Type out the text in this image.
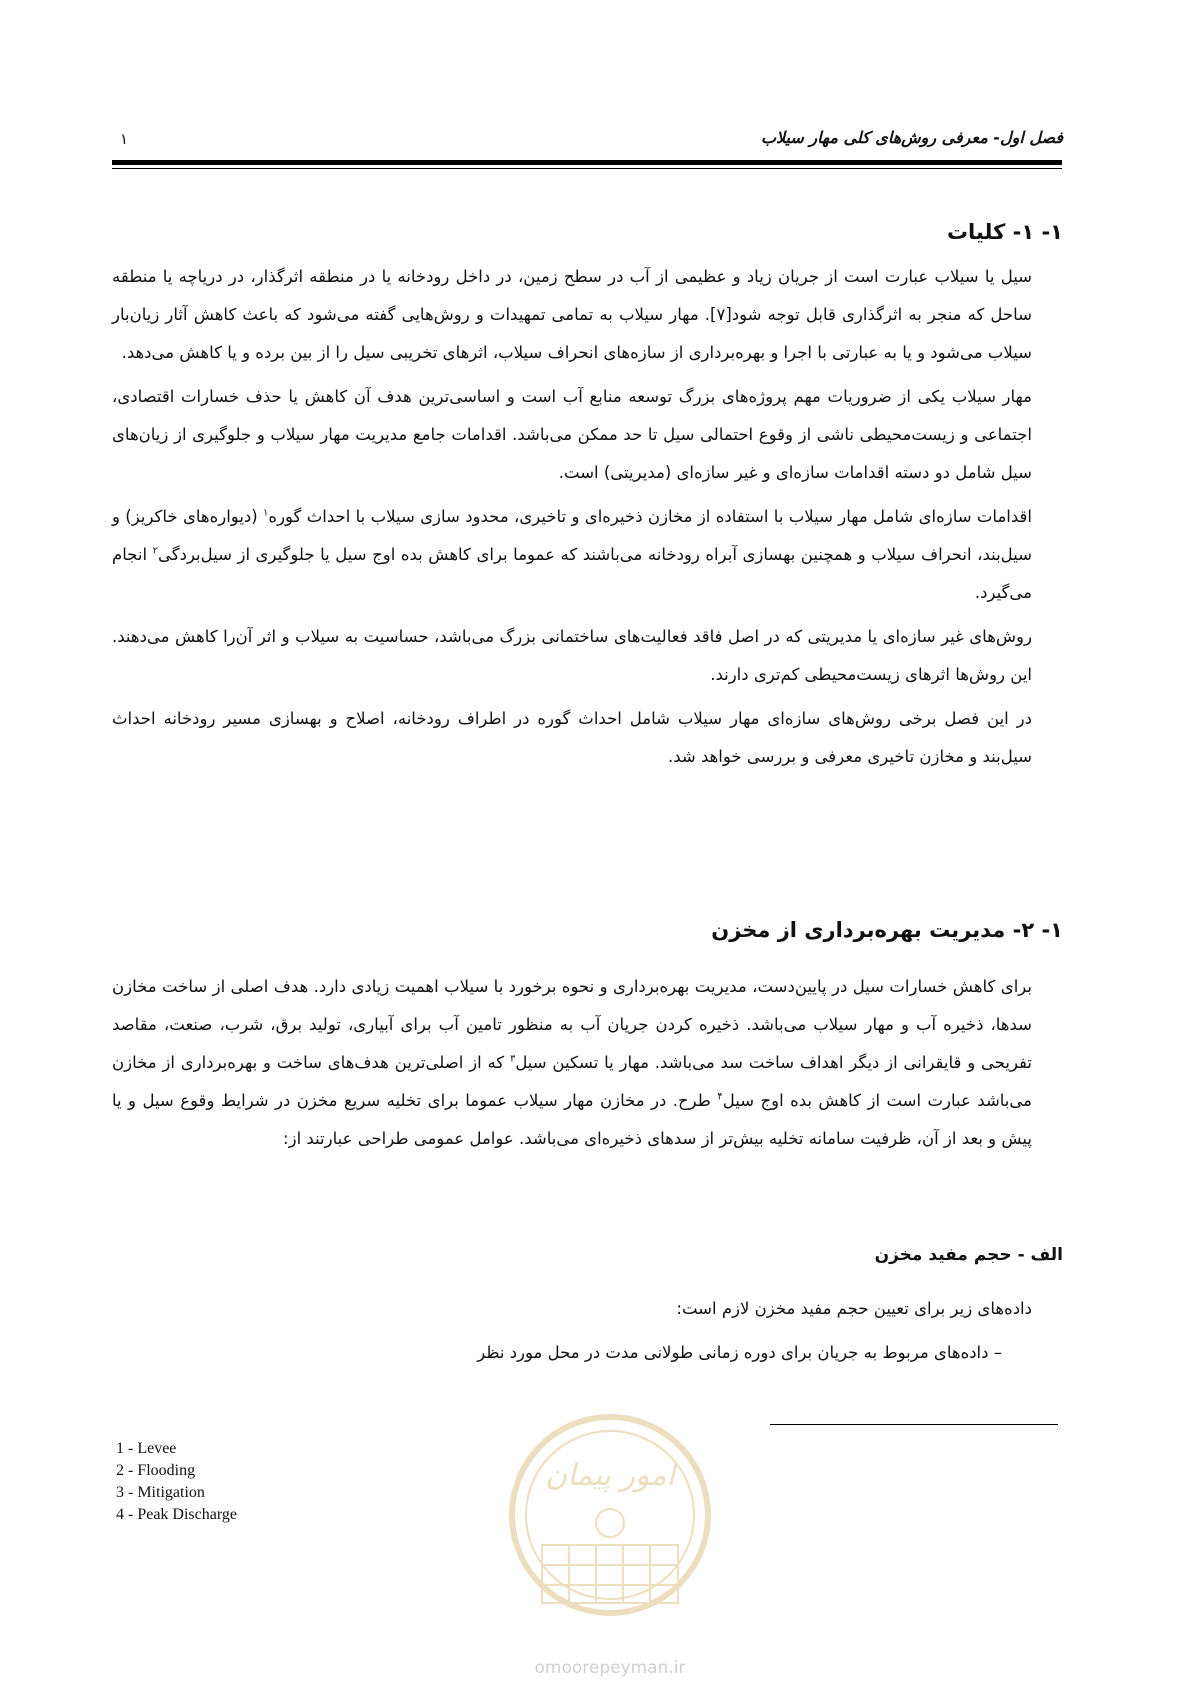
فصل اول- معرفی روش‌های کلی مهار سیلاب
۱
۱- ۱- کلیات

سیل یا سیلاب عبارت است از جریان زیاد و عظیمی از آب در سطح زمین، در داخل رودخانه یا در منطقه اثرگذار، در دریاچه یا منطقه ساحل که منجر به اثرگذاری قابل توجه شود[۷]. مهار سیلاب به تمامی تمهیدات و روش‌هایی گفته می‌شود که باعث کاهش آثار زیان‌بار سیلاب می‌شود و یا به عبارتی با اجرا و بهره‌برداری از سازه‌های انحراف سیلاب، اثرهای تخریبی سیل را از بین برده و یا کاهش می‌دهد.

مهار سیلاب یکی از ضروریات مهم پروژه‌های بزرگ توسعه منابع آب است و اساسی‌ترین هدف آن کاهش یا حذف خسارات اقتصادی، اجتماعی و زیست‌محیطی ناشی از وقوع احتمالی سیل تا حد ممکن می‌باشد. اقدامات جامع مدیریت مهار سیلاب و جلوگیری از زیان‌های سیل شامل دو دسته اقدامات سازه‌ای و غیر سازه‌ای (مدیریتی) است.

اقدامات سازه‌ای شامل مهار سیلاب با استفاده از مخازن ذخیره‌ای و تاخیری، محدود سازی سیلاب با احداث گوره$^۱$ (دیواره‌های خاکریز) و سیل‌بند، انحراف سیلاب و همچنین بهسازی آبراه رودخانه می‌باشند که عموما برای کاهش بده اوج سیل یا جلوگیری از سیل‌بردگی$^۲$ انجام می‌گیرد.

روش‌های غیر سازه‌ای یا مدیریتی که در اصل فاقد فعالیت‌های ساختمانی بزرگ می‌باشد، حساسیت به سیلاب و اثر آن‌را کاهش می‌دهند. این روش‌ها اثرهای زیست‌محیطی کم‌تری دارند.

در این فصل برخی روش‌های سازه‌ای مهار سیلاب شامل احداث گوره در اطراف رودخانه، اصلاح و بهسازی مسیر رودخانه احداث سیل‌بند و مخازن تاخیری معرفی و بررسی خواهد شد.

۱- ۲- مدیریت بهره‌برداری از مخزن

برای کاهش خسارات سیل در پایین‌دست، مدیریت بهره‌برداری و نحوه برخورد با سیلاب اهمیت زیادی دارد. هدف اصلی از ساخت مخازن سدها، ذخیره آب و مهار سیلاب می‌باشد. ذخیره کردن جریان آب به منظور تامین آب برای آبیاری، تولید برق، شرب، صنعت، مقاصد تفریحی و قایقرانی از دیگر اهداف ساخت سد می‌باشد. مهار یا تسکین سیل$^۳$ که از اصلی‌ترین هدف‌های ساخت و بهره‌برداری از مخازن می‌باشد عبارت است از کاهش بده اوج سیل$^۴$ طرح. در مخازن مهار سیلاب عموما برای تخلیه سریع مخزن در شرایط وقوع سیل و یا پیش و بعد از آن، ظرفیت سامانه تخلیه بیش‌تر از سدهای ذخیره‌ای می‌باشد. عوامل عمومی طراحی عبارتند از:

الف - حجم مفید مخزن

داده‌های زیر برای تعیین حجم مفید مخزن لازم است:

– داده‌های مربوط به جریان برای دوره زمانی طولانی مدت در محل مورد نظر

1 - Levee
2 - Flooding
3 - Mitigation
4 - Peak Discharge
امور پیمان
omoorepeyman.ir
